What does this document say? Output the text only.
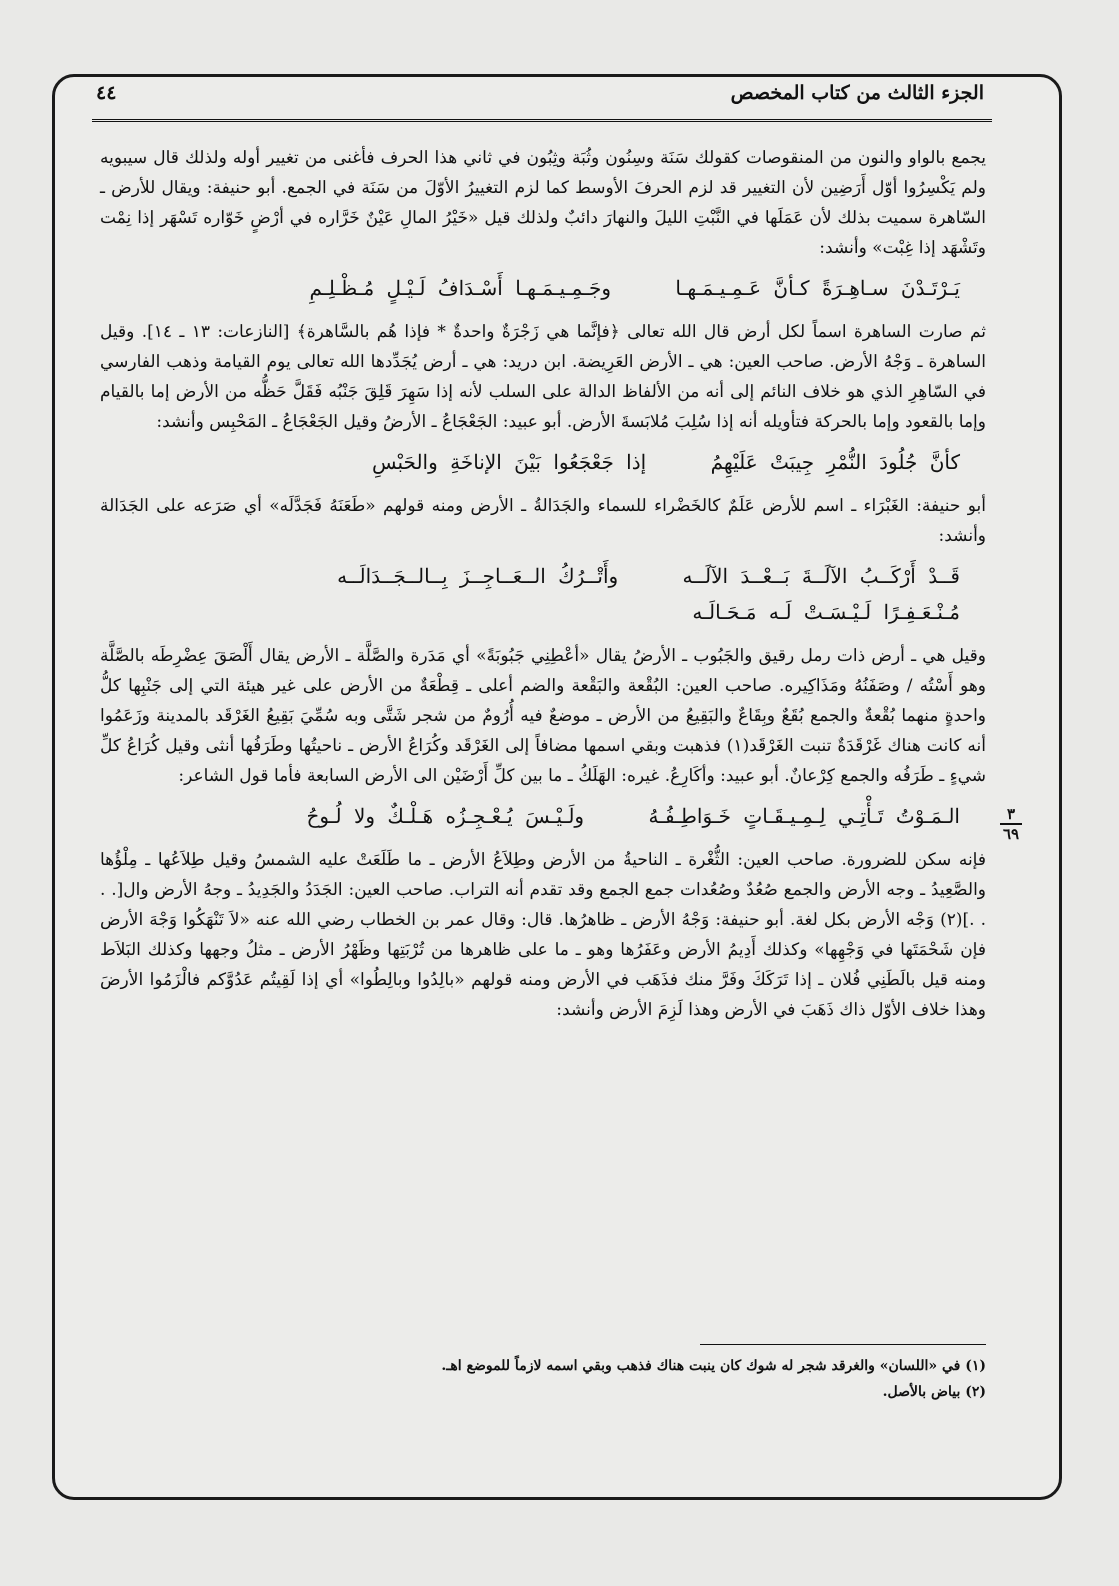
الجزء الثالث من كتاب المخصص
٤٤

يجمع بالواو والنون من المنقوصات كقولك سَنَة وسِنُون وثُبَة وثِبُون في ثاني هذا الحرف فأغنى من تغيير أوله ولذلك قال سيبويه ولم يَكْسِرُوا أوّل أَرَضِين لأن التغيير قد لزم الحرفَ الأوسط كما لزم التغييرُ الأوّلَ من سَنَة في الجمع. أبو حنيفة: ويقال للأرض ـ السّاهرة سميت بذلك لأن عَمَلَها في النَّبْتِ الليلَ والنهارَ دائبٌ ولذلك قيل «خَيْرُ المالِ عَيْنٌ خَرَّاره في أرْضٍ خَوّاره تَسْهَر إذا نِمْت وتَشْهَد إذا غِبْت» وأنشد:

يَـرْتَـدْنَ سـاهِـرَةً كـأنَّ عَـمِـيـمَـهـا وجَـمِـيـمَـهـا أَسْـدَافُ لَـيْـلٍ مُـظْـلِـمِ

ثم صارت الساهرة اسماً لكل أرض قال الله تعالى ﴿فإنَّما هي زَجْرَةٌ واحدةٌ * فإذا هُم بالسَّاهرة﴾ [النازعات: ١٣ ـ ١٤]. وقيل الساهرة ـ وَجْهُ الأرض. صاحب العين: هي ـ الأرض العَرِيضة. ابن دريد: هي ـ أرض يُجَدِّدها الله تعالى يوم القيامة وذهب الفارسي في السّاهِرِ الذي هو خلاف النائم إلى أنه من الألفاظ الدالة على السلب لأنه إذا سَهِرَ قَلِقَ جَنْبُه فَقَلَّ حَظُّه من الأرض إما بالقيام وإما بالقعود وإما بالحركة فتأويله أنه إذا سُلِبَ مُلابَسةَ الأرض. أبو عبيد: الجَعْجَاعُ ـ الأرضُ وقيل الجَعْجَاعُ ـ المَحْبِس وأنشد:

كأنَّ جُلُودَ النُّمْرِ جِيبَتْ عَلَيْهِمُ إذا جَعْجَعُوا بَيْنَ الإناخَةِ والحَبْسِ

أبو حنيفة: الغَبْرَاء ـ اسم للأرض عَلَمٌ كالخَضْراء للسماء والجَدَالةُ ـ الأرض ومنه قولهم «طَعَنَهُ فَجَدَّلَه» أي صَرَعه على الجَدَالة وأنشد:

قَــدْ أَرْكَــبُ الآلَــةَ بَــعْــدَ الآلَــه وأَتْــرُكُ الــعَــاجِــزَ بِــالــجَــدَالَــه
مُـنْـعَـفِـرًا لَـيْـسَـتْ لَـه مَـحَـالَـه

وقيل هي ـ أرض ذات رمل رقيق والجَبُوب ـ الأرضُ يقال «أعْطِنِي جَبُوبَةً» أي مَدَرة والصَّلَّة ـ الأرض يقال أَلْصَقَ عِضْرِطَه بالصَّلَّة وهو أَسْتُه / وصَفَنُهُ ومَذَاكِيره. صاحب العين: البُقْعة والبَقْعة والضم أعلى ـ قِطْعَةٌ من الأرض على غير هيئة التي إلى جَنْبِها كلُّ واحدةٍ منهما بُقْعةٌ والجمع بُقَعٌ وبِقَاعٌ والبَقِيعُ من الأرض ـ موضعٌ فيه أُرُومٌ من شجر شَتَّى وبه سُمِّيَ بَقِيعُ الغَرْقَد بالمدينة وزَعَمُوا أنه كانت هناك غَرْقَدَةٌ تنبت الغَرْقَد(١) فذهبت وبقي اسمها مضافاً إلى الغَرْقَد وكُرَاعُ الأرض ـ ناحيتُها وطَرَفُها أنثى وقيل كُرَاعُ كلِّ شيءٍ ـ طَرَفُه والجمع كِرْعانٌ. أبو عبيد: وأكَارِعُ. غيره: الهَلَكُ ـ ما بين كلِّ أَرْضَيْن الى الأرض السابعة فأما قول الشاعر:

الـمَـوْتُ تَـأْتِـي لِـمِـيـقَـاتٍ خَـوَاطِـفُـهُ ولَـيْـسَ يُـعْـجِـزُه هَـلْـكٌ ولا لُـوحُ

فإنه سكن للضرورة. صاحب العين: الثُّغْرة ـ الناحيةُ من الأرض وطِلاَعُ الأرض ـ ما طَلَعَتْ عليه الشمسُ وقيل طِلاَعُها ـ مِلْؤُها والصَّعِيدُ ـ وجه الأرض والجمع صُعُدٌ وصُعُدات جمع الجمع وقد تقدم أنه التراب. صاحب العين: الجَدَدُ والجَدِيدُ ـ وجهُ الأرض وال[. . . .](٢) وَجْه الأرض بكل لغة. أبو حنيفة: وَجْهُ الأرض ـ ظاهرُها. قال: وقال عمر بن الخطاب رضي الله عنه «لاَ تَنْهَكُوا وَجْهَ الأرض فإن شَحْمَتَها في وَجْهِها» وكذلك أَدِيمُ الأرض وعَفَرُها وهو ـ ما على ظاهرها من تُرْبَتِها وظَهْرُ الأرض ـ مثلُ وجهها وكذلك البَلاَط ومنه قيل بالَطَنِي فُلان ـ إذا تَرَكَكَ وفَرَّ منك فذَهَب في الأرض ومنه قولهم «بالِدُوا وبالِطُوا» أي إذا لَقِيتُم عَدُوَّكم فالْزَمُوا الأرضَ وهذا خلاف الأوّل ذاك ذَهَبَ في الأرض وهذا لَزِمَ الأرض وأنشد:

٣
٦٩
(١) في «اللسان» والغرقد شجر له شوك كان ينبت هناك فذهب وبقي اسمه لازماً للموضع اهـ.
(٢) بياض بالأصل.
